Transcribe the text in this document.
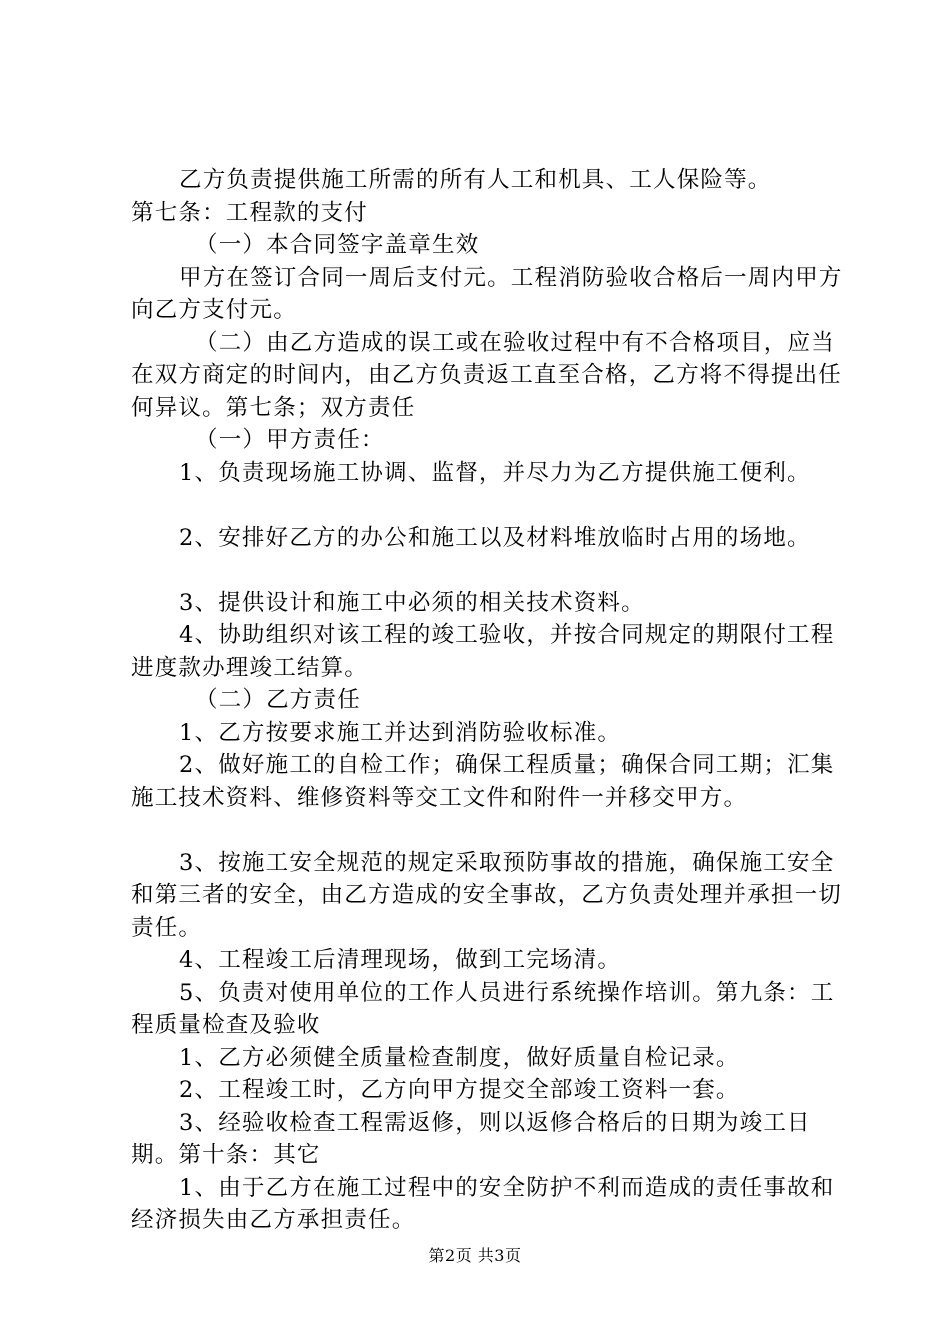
乙方负责提供施工所需的所有人工和机具、工人保险等。

第七条：工程款的支付

（一）本合同签字盖章生效

甲方在签订合同一周后支付元。工程消防验收合格后一周内甲方向乙方支付元。

（二）由乙方造成的误工或在验收过程中有不合格项目，应当在双方商定的时间内，由乙方负责返工直至合格，乙方将不得提出任何异议。第七条；双方责任

（一）甲方责任：

1、负责现场施工协调、监督，并尽力为乙方提供施工便利。

2、安排好乙方的办公和施工以及材料堆放临时占用的场地。

3、提供设计和施工中必须的相关技术资料。

4、协助组织对该工程的竣工验收，并按合同规定的期限付工程进度款办理竣工结算。

（二）乙方责任

1、乙方按要求施工并达到消防验收标准。

2、做好施工的自检工作；确保工程质量；确保合同工期；汇集施工技术资料、维修资料等交工文件和附件一并移交甲方。

3、按施工安全规范的规定采取预防事故的措施，确保施工安全和第三者的安全，由乙方造成的安全事故，乙方负责处理并承担一切责任。

4、工程竣工后清理现场，做到工完场清。

5、负责对使用单位的工作人员进行系统操作培训。第九条：工程质量检查及验收

1、乙方必须健全质量检查制度，做好质量自检记录。

2、工程竣工时，乙方向甲方提交全部竣工资料一套。

3、经验收检查工程需返修，则以返修合格后的日期为竣工日期。第十条：其它

1、由于乙方在施工过程中的安全防护不利而造成的责任事故和经济损失由乙方承担责任。

第2页 共3页
